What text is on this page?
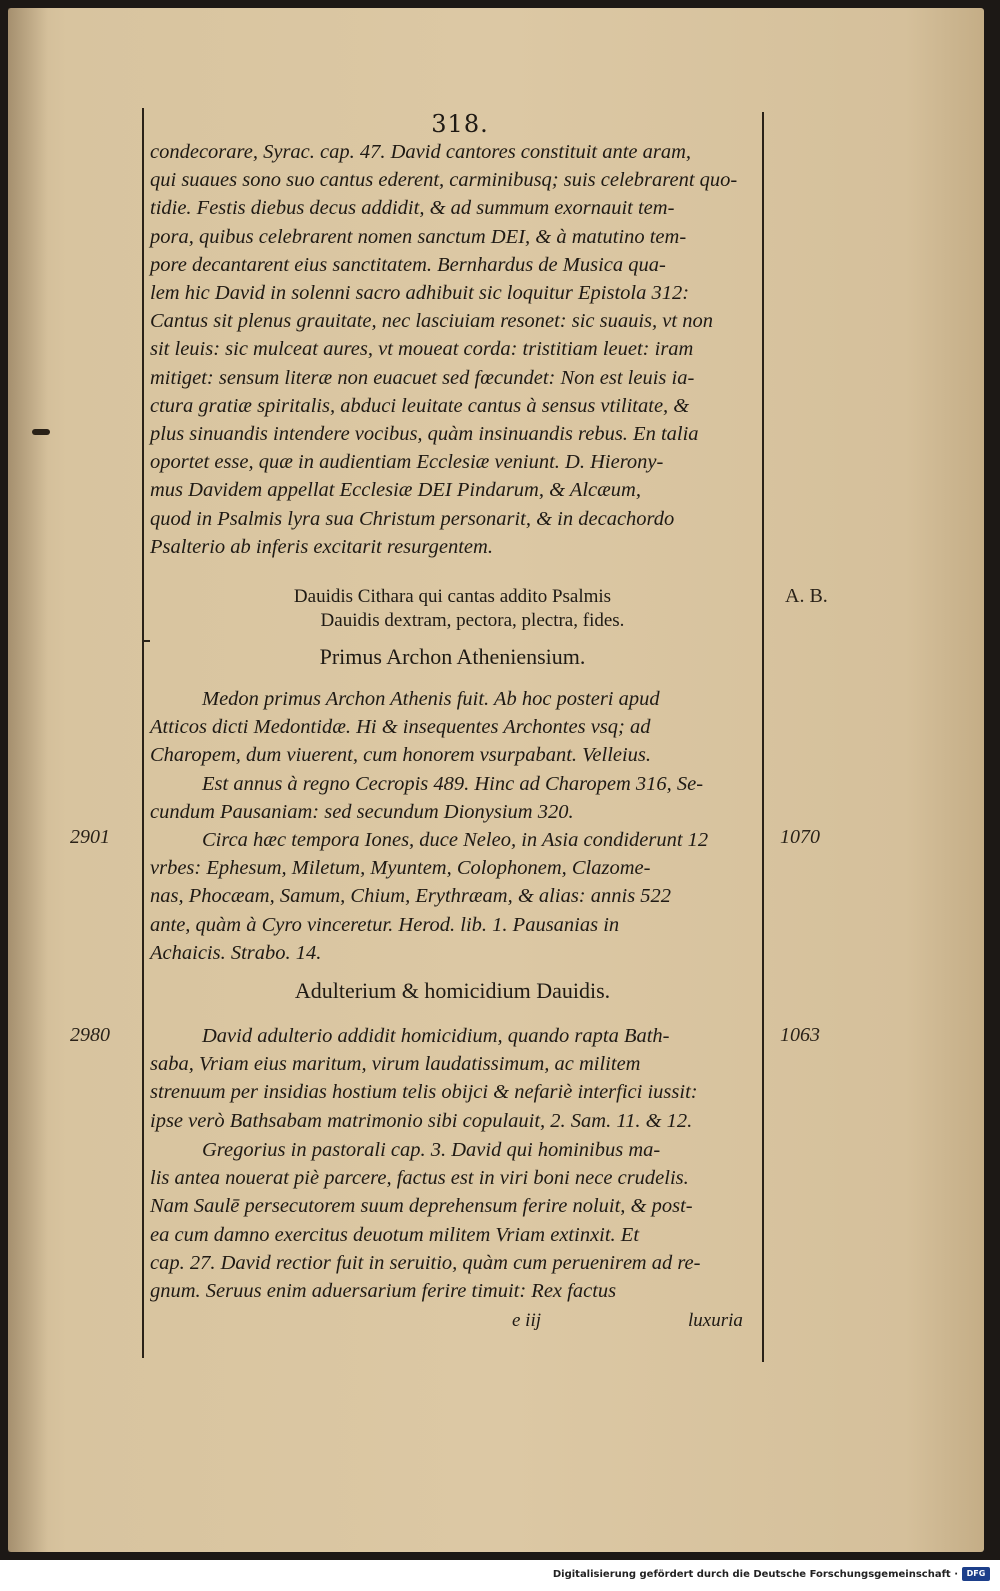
318.
condecorare, Syrac. cap. 47. David cantores constituit ante aram,
qui suaues sono suo cantus ederent, carminibusq; suis celebrarent quo-
tidie. Festis diebus decus addidit, & ad summum exornauit tem-
pora, quibus celebrarent nomen sanctum DEI, & à matutino tem-
pore decantarent eius sanctitatem. Bernhardus de Musica qua-
lem hic David in solenni sacro adhibuit sic loquitur Epistola 312:
Cantus sit plenus grauitate, nec lasciuiam resonet: sic suauis, vt non
sit leuis: sic mulceat aures, vt moueat corda: tristitiam leuet: iram
mitiget: sensum literæ non euacuet sed fœcundet: Non est leuis ia-
ctura gratiæ spiritalis, abduci leuitate cantus à sensus vtilitate, &
plus sinuandis intendere vocibus, quàm insinuandis rebus. En talia
oportet esse, quæ in audientiam Ecclesiæ veniunt. D. Hierony-
mus Davidem appellat Ecclesiæ DEI Pindarum, & Alcæum,
quod in Psalmis lyra sua Christum personarit, & in decachordo
Psalterio ab inferis excitarit resurgentem.
Dauidis Cithara qui cantas addito Psalmis
Dauidis dextram, pectora, plectra, fides.
A. B.
Primus Archon Atheniensium.
Medon primus Archon Athenis fuit. Ab hoc posteri apud
Atticos dicti Medontidæ. Hi & insequentes Archontes vsq; ad
Charopem, dum viuerent, cum honorem vsurpabant. Velleius.
Est annus à regno Cecropis 489. Hinc ad Charopem 316, Se-
cundum Pausaniam: sed secundum Dionysium 320.
Circa hæc tempora Iones, duce Neleo, in Asia condiderunt 12
vrbes: Ephesum, Miletum, Myuntem, Colophonem, Clazome-
nas, Phocæam, Samum, Chium, Erythræam, & alias: annis 522
ante, quàm à Cyro vinceretur. Herod. lib. 1. Pausanias in
Achaicis. Strabo. 14.
2901	1070
Adulterium & homicidium Dauidis.
David adulterio addidit homicidium, quando rapta Bath-
saba, Vriam eius maritum, virum laudatissimum, ac militem
strenuum per insidias hostium telis obijci & nefariè interfici iussit:
ipse verò Bathsabam matrimonio sibi copulauit, 2. Sam. 11. & 12.
2980	1063
Gregorius in pastorali cap. 3. David qui hominibus ma-
lis antea nouerat piè parcere, factus est in viri boni nece crudelis.
Nam Saulē persecutorem suum deprehensum ferire noluit, & post-
ea cum damno exercitus deuotum militem Vriam extinxit. Et
cap. 27. David rectior fuit in seruitio, quàm cum peruenirет ad re-
gnum. Seruus enim aduersarium ferire timuit: Rex factus
e iij	luxuria
Digitalisierung gefördert durch die Deutsche Forschungsgemeinschaft ·	DFG
